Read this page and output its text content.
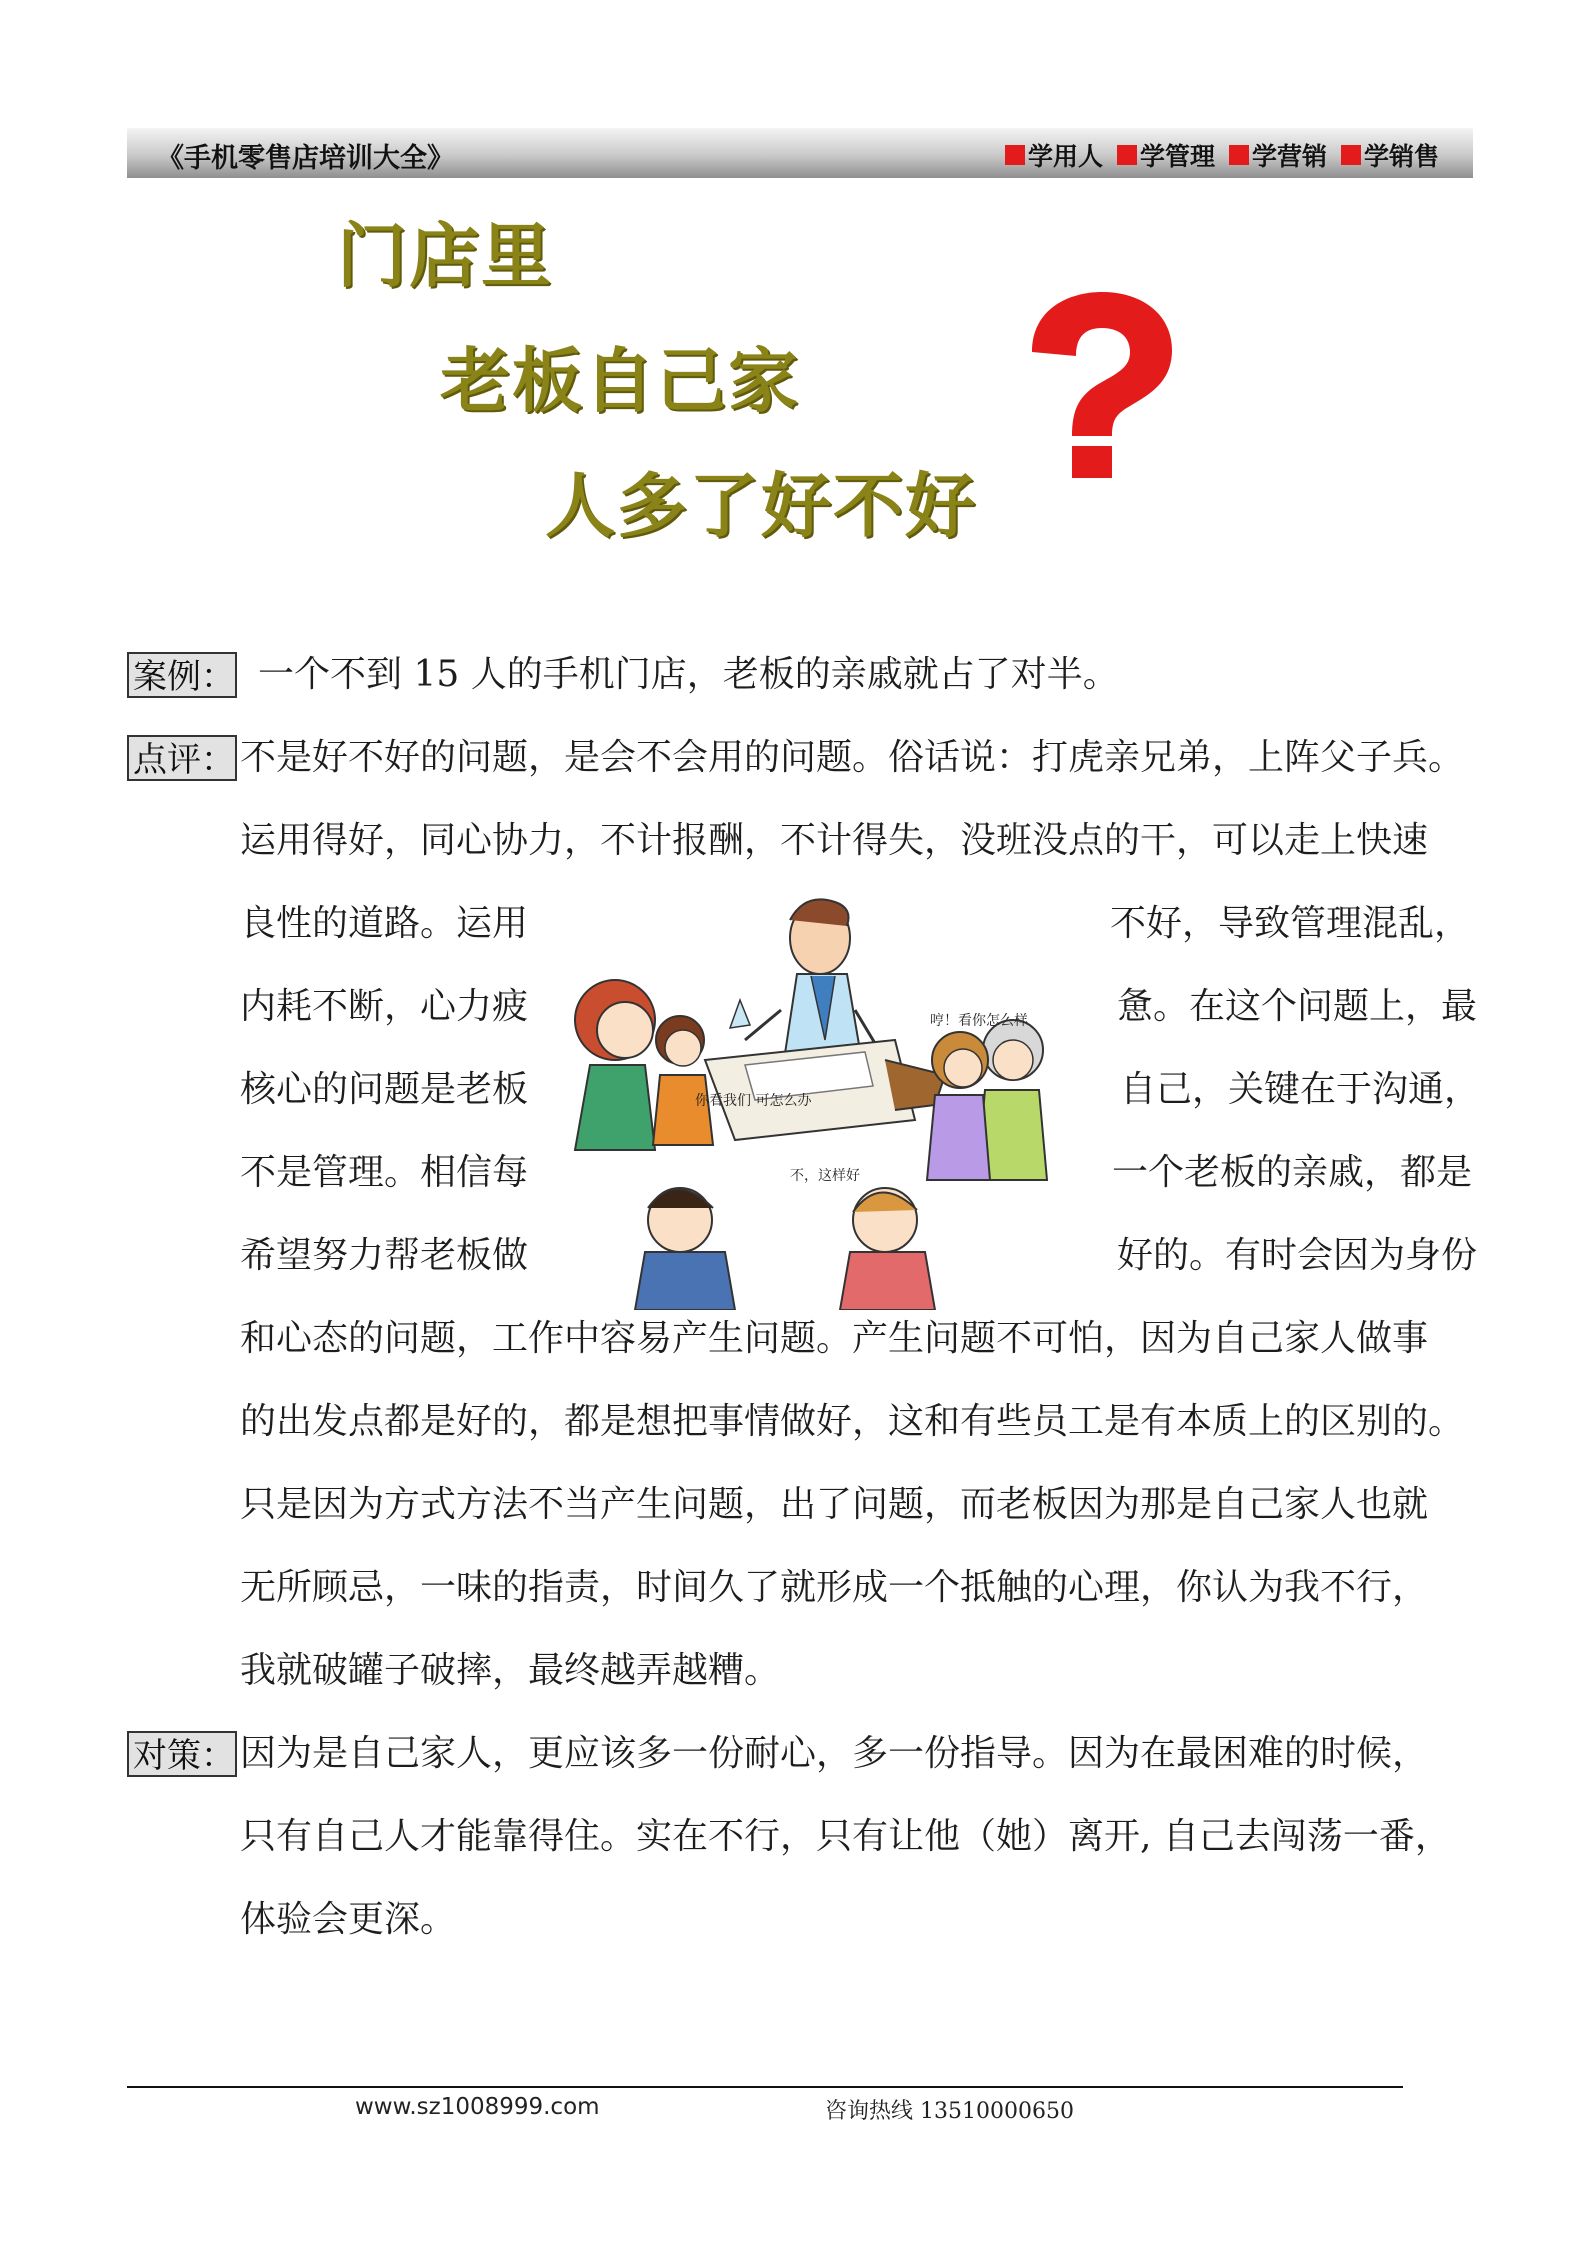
《手机零售店培训大全》	学用人 学管理 学营销 学销售
门店里
老板自己家
人多了好不好
案例： 一个不到 15 人的手机门店，老板的亲戚就占了对半。
点评： 不是好不好的问题，是会不会用的问题。俗话说：打虎亲兄弟，上阵父子兵。
运用得好，同心协力，不计报酬，不计得失，没班没点的干，可以走上快速
良性的道路。运用	不好，导致管理混乱，
内耗不断，心力疲	惫。在这个问题上，最
核心的问题是老板	自己，关键在于沟通，
不是管理。相信每	一个老板的亲戚，都是
希望努力帮老板做	好的。有时会因为身份
和心态的问题，工作中容易产生问题。产生问题不可怕，因为自己家人做事
的出发点都是好的，都是想把事情做好，这和有些员工是有本质上的区别的。
只是因为方式方法不当产生问题，出了问题，而老板因为那是自己家人也就
无所顾忌，一味的指责，时间久了就形成一个抵触的心理，你认为我不行，
我就破罐子破摔，最终越弄越糟。
你看我们 可怎么办
哼！看你怎么样
不，这样好
对策： 因为是自己家人，更应该多一份耐心，多一份指导。因为在最困难的时候，
只有自己人才能靠得住。实在不行，只有让他（她）离开, 自己去闯荡一番，
体验会更深。
www.sz1008999.com	咨询热线 13510000650
